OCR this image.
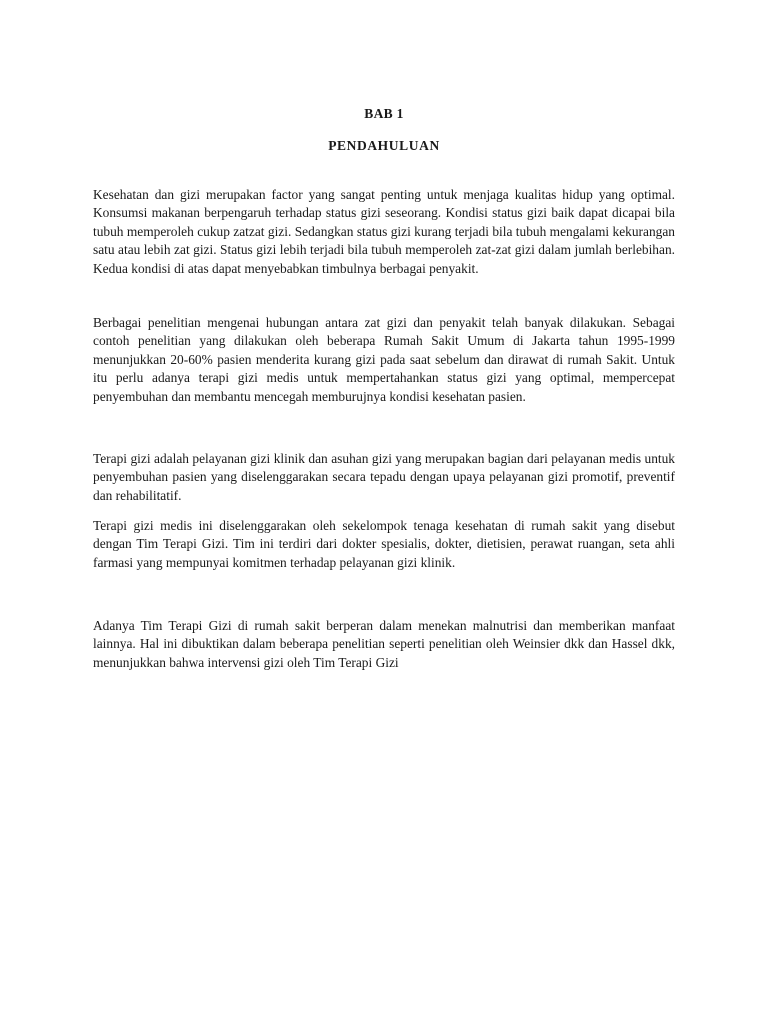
BAB 1
PENDAHULUAN

Kesehatan dan gizi merupakan factor yang sangat penting untuk menjaga kualitas hidup yang optimal. Konsumsi makanan berpengaruh terhadap status gizi seseorang. Kondisi status gizi baik dapat dicapai bila tubuh memperoleh cukup zatzat gizi. Sedangkan status gizi kurang terjadi bila tubuh mengalami kekurangan satu atau lebih zat gizi. Status gizi lebih terjadi bila tubuh memperoleh zat-zat gizi dalam jumlah berlebihan. Kedua kondisi di atas dapat menyebabkan timbulnya berbagai penyakit.

Berbagai penelitian mengenai hubungan antara zat gizi dan penyakit telah banyak dilakukan. Sebagai contoh penelitian yang dilakukan oleh beberapa Rumah Sakit Umum di Jakarta tahun 1995-1999 menunjukkan 20-60% pasien menderita kurang gizi pada saat sebelum dan dirawat di rumah Sakit. Untuk itu perlu adanya terapi gizi medis untuk mempertahankan status gizi yang optimal, mempercepat penyembuhan dan membantu mencegah memburujnya kondisi kesehatan pasien.

Terapi gizi adalah pelayanan gizi klinik dan asuhan gizi yang merupakan bagian dari pelayanan medis untuk penyembuhan pasien yang diselenggarakan secara tepadu dengan upaya pelayanan gizi promotif, preventif dan rehabilitatif.

Terapi gizi medis ini diselenggarakan oleh sekelompok tenaga kesehatan di rumah sakit yang disebut dengan Tim Terapi Gizi. Tim ini terdiri dari dokter spesialis, dokter, dietisien, perawat ruangan, seta ahli farmasi yang mempunyai komitmen terhadap pelayanan gizi klinik.

Adanya Tim Terapi Gizi di rumah sakit berperan dalam menekan malnutrisi dan memberikan manfaat lainnya. Hal ini dibuktikan dalam beberapa penelitian seperti penelitian oleh Weinsier dkk dan Hassel dkk, menunjukkan bahwa intervensi gizi oleh Tim Terapi Gizi
